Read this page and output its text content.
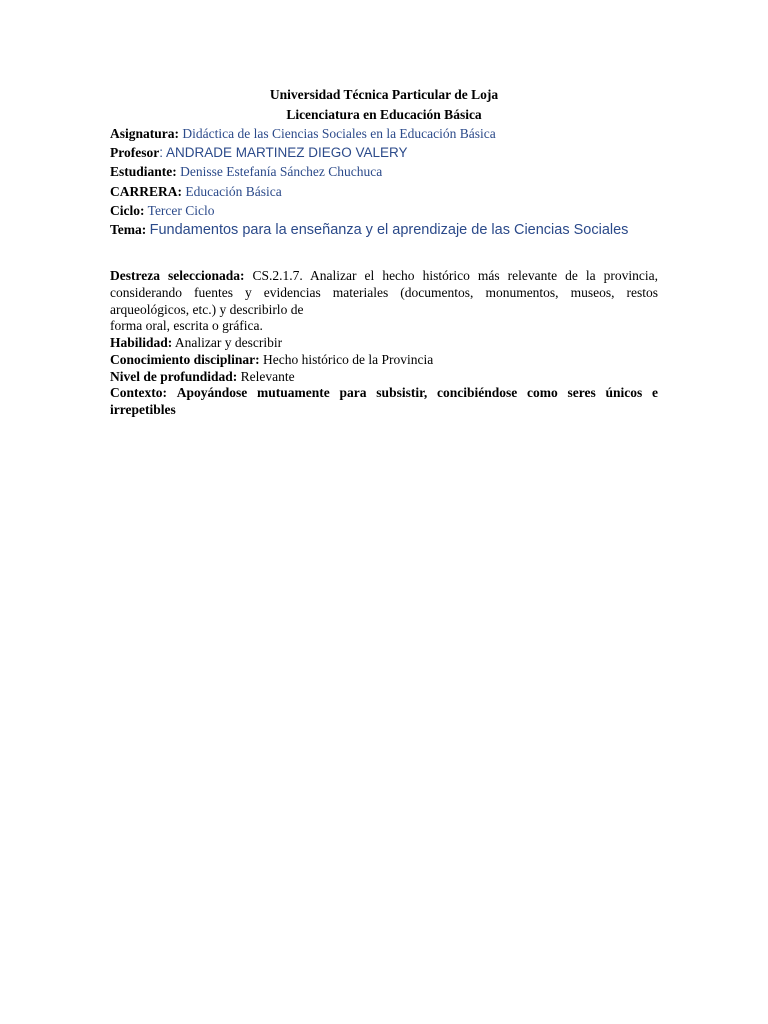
Universidad Técnica Particular de Loja
Licenciatura en Educación Básica
Asignatura: Didáctica de las Ciencias Sociales en la Educación Básica
Profesor: ANDRADE MARTINEZ DIEGO VALERY
Estudiante: Denisse Estefanía Sánchez Chuchuca
CARRERA: Educación Básica
Ciclo: Tercer Ciclo
Tema: Fundamentos para la enseñanza y el aprendizaje de las Ciencias Sociales
Destreza seleccionada: CS.2.1.7. Analizar el hecho histórico más relevante de la provincia, considerando fuentes y evidencias materiales (documentos, monumentos, museos, restos arqueológicos, etc.) y describirlo de
forma oral, escrita o gráfica.
Habilidad: Analizar y describir
Conocimiento disciplinar: Hecho histórico de la Provincia
Nivel de profundidad: Relevante
Contexto: Apoyándose mutuamente para subsistir, concibiéndose como seres únicos e irrepetibles
